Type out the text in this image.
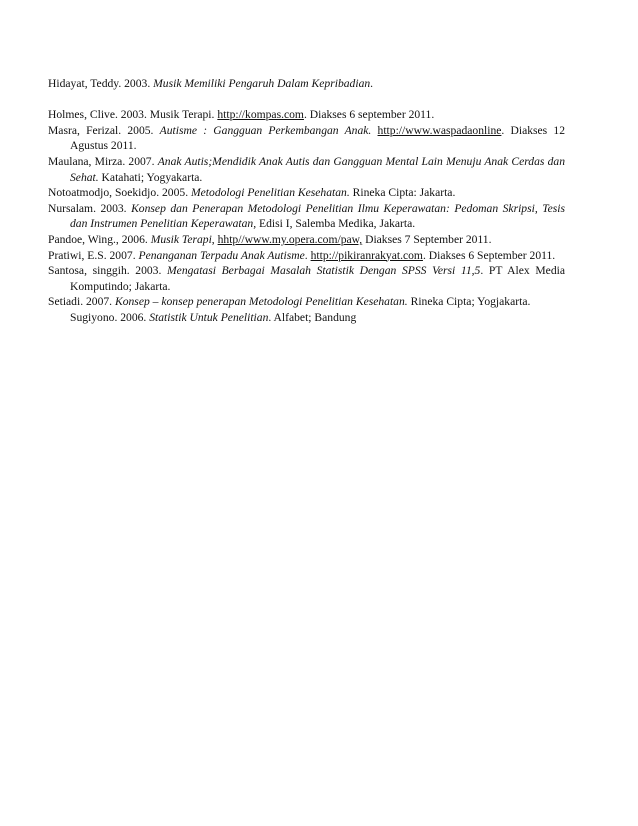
Hidayat, Teddy. 2003. Musik Memiliki Pengaruh Dalam Kepribadian.

Holmes, Clive. 2003. Musik Terapi. http://kompas.com. Diakses 6 september 2011.

Masra, Ferizal. 2005. Autisme : Gangguan Perkembangan Anak. http://www.waspadaonline. Diakses 12 Agustus 2011.

Maulana, Mirza. 2007. Anak Autis;Mendidik Anak Autis dan Gangguan Mental Lain Menuju Anak Cerdas dan Sehat. Katahati; Yogyakarta.

Notoatmodjo, Soekidjo. 2005. Metodologi Penelitian Kesehatan. Rineka Cipta: Jakarta.

Nursalam. 2003. Konsep dan Penerapan Metodologi Penelitian Ilmu Keperawatan: Pedoman Skripsi, Tesis dan Instrumen Penelitian Keperawatan, Edisi I, Salemba Medika, Jakarta.

Pandoe, Wing., 2006. Musik Terapi, hhtp//www.my.opera.com/paw, Diakses 7 September 2011.

Pratiwi, E.S. 2007. Penanganan Terpadu Anak Autisme. http://pikiranrakyat.com. Diakses 6 September 2011.

Santosa, singgih. 2003. Mengatasi Berbagai Masalah Statistik Dengan SPSS Versi 11,5. PT Alex Media Komputindo; Jakarta.

Setiadi. 2007. Konsep – konsep penerapan Metodologi Penelitian Kesehatan. Rineka Cipta; Yogjakarta.

Sugiyono. 2006. Statistik Untuk Penelitian. Alfabet; Bandung
